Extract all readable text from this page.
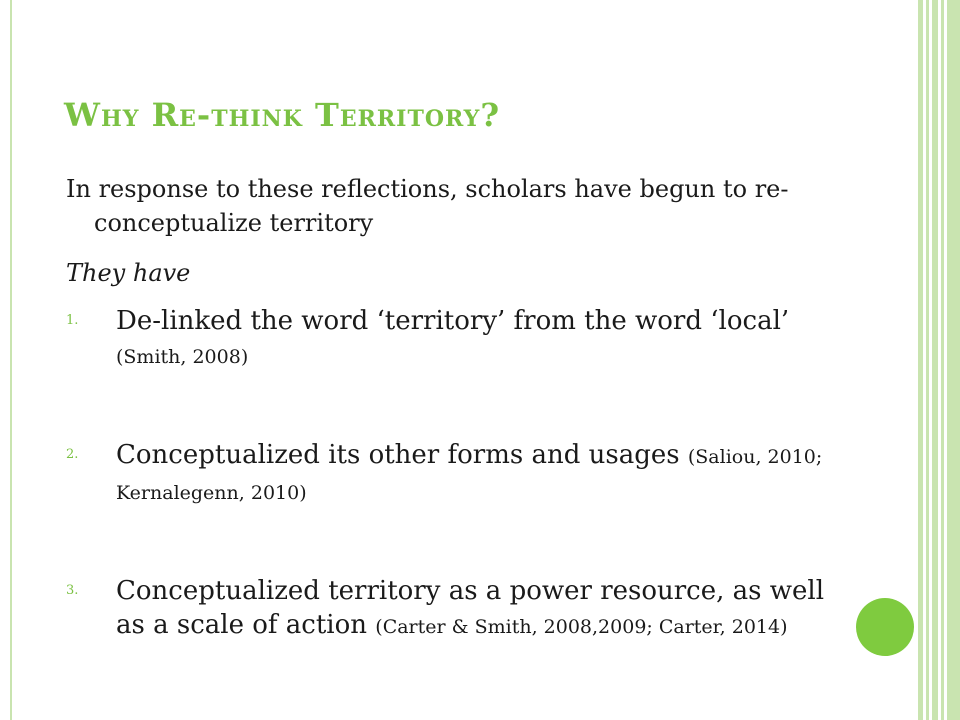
Why Re-think Territory?

In response to these reflections, scholars have begun to re-conceptualize territory

They have
1. De-linked the word ‘territory’ from the word ‘local’ (Smith, 2008)
2. Conceptualized its other forms and usages (Saliou, 2010; Kernalegenn, 2010)
3. Conceptualized territory as a power resource, as well as a scale of action (Carter & Smith, 2008,2009; Carter, 2014)
